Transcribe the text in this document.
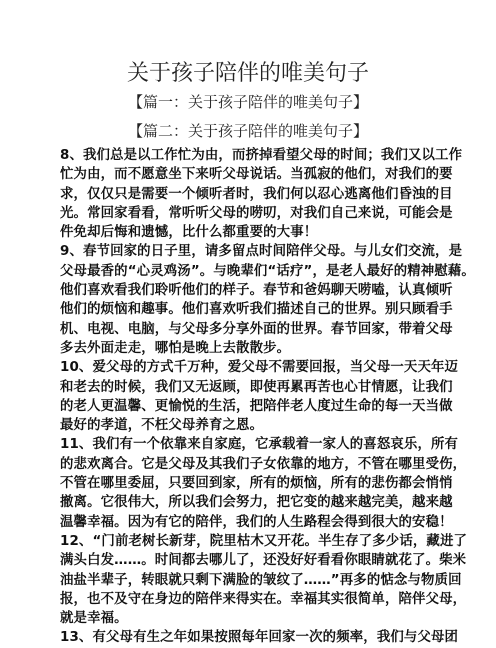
关于孩子陪伴的唯美句子
【篇一：关于孩子陪伴的唯美句子】
【篇二：关于孩子陪伴的唯美句子】
8、我们总是以工作忙为由，而挤掉看望父母的时间；我们又以工作
忙为由，而不愿意坐下来听父母说话。当孤寂的他们，对我们的要
求，仅仅只是需要一个倾听者时，我们何以忍心逃离他们昏浊的目
光。常回家看看，常听听父母的唠叨，对我们自己来说，可能会是
件免却后悔和遗憾，比什么都重要的大事！
9、春节回家的日子里，请多留点时间陪伴父母。与儿女们交流，是
父母最香的“心灵鸡汤”。与晚辈们“话疗”，是老人最好的精神慰藉。
他们喜欢看我们聆听他们的样子。春节和爸妈聊天唠嗑，认真倾听
他们的烦恼和趣事。他们喜欢听我们描述自己的世界。别只顾看手
机、电视、电脑，与父母多分享外面的世界。春节回家，带着父母
多去外面走走，哪怕是晚上去散散步。
10、爱父母的方式千万种，爱父母不需要回报，当父母一天天年迈
和老去的时候，我们又无返顾，即使再累再苦也心甘情愿，让我们
的老人更温馨、更愉悦的生活，把陪伴老人度过生命的每一天当做
最好的孝道，不枉父母养育之恩。
11、我们有一个依靠来自家庭，它承载着一家人的喜怒哀乐，所有
的悲欢离合。它是父母及其我们子女依靠的地方，不管在哪里受伤，
不管在哪里委屈，只要回到家，所有的烦恼，所有的悲伤都会悄悄
撤离。它很伟大，所以我们会努力，把它变的越来越完美，越来越
温馨幸福。因为有它的陪伴，我们的人生路程会得到很大的安稳！
12、“门前老树长新芽，院里枯木又开花。半生存了多少话，藏进了
满头白发……。时间都去哪儿了，还没好好看看你眼睛就花了。柴米
油盐半辈子，转眼就只剩下满脸的皱纹了……”再多的惦念与物质回
报，也不及守在身边的陪伴来得实在。幸福其实很简单，陪伴父母，
就是幸福。
13、有父母有生之年如果按照每年回家一次的频率，我们与父母团
